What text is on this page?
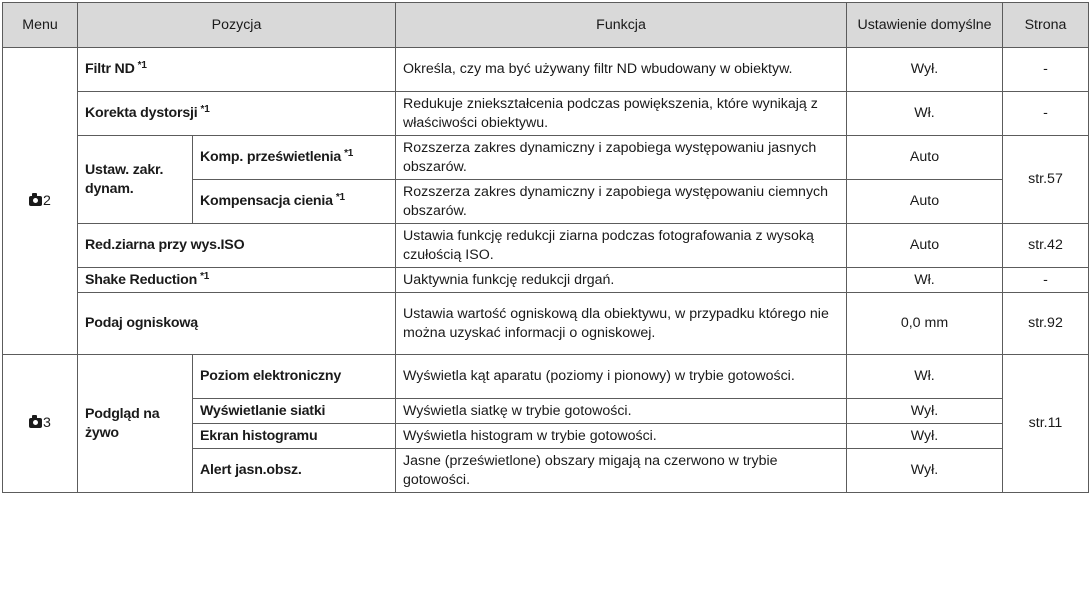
Menu	Pozycja		Funkcja	Ustawienie domyślne	Strona
2	Filtr ND $^{*1}$		Określa, czy ma być używany filtr ND wbudowany w obiektyw.	Wył.	-
	Korekta dystorsji $^{*1}$		Redukuje zniekształcenia podczas powiększenia, które wynikają z właściwości obiektywu.	Wł.	-
	Ustaw. zakr. dynam.	Komp. prześwietlenia $^{*1}$	Rozszerza zakres dynamiczny i zapobiega występowaniu jasnych obszarów.	Auto	str.57
		Kompensacja cienia $^{*1}$	Rozszerza zakres dynamiczny i zapobiega występowaniu ciemnych obszarów.	Auto	
	Red.ziarna przy wys.ISO		Ustawia funkcję redukcji ziarna podczas fotografowania z wysoką czułością ISO.	Auto	str.42
	Shake Reduction $^{*1}$		Uaktywnia funkcję redukcji drgań.	Wł.	-
	Podaj ogniskową		Ustawia wartość ogniskową dla obiektywu, w przypadku którego nie można uzyskać informacji o ogniskowej.	0,0 mm	str.92
3	Podgląd na żywo	Poziom elektroniczny	Wyświetla kąt aparatu (poziomy i pionowy) w trybie gotowości.	Wł.	str.11
		Wyświetlanie siatki	Wyświetla siatkę w trybie gotowości.	Wył.	
		Ekran histogramu	Wyświetla histogram w trybie gotowości.	Wył.	
		Alert jasn.obsz.	Jasne (prześwietlone) obszary migają na czerwono w trybie gotowości.	Wył.	
